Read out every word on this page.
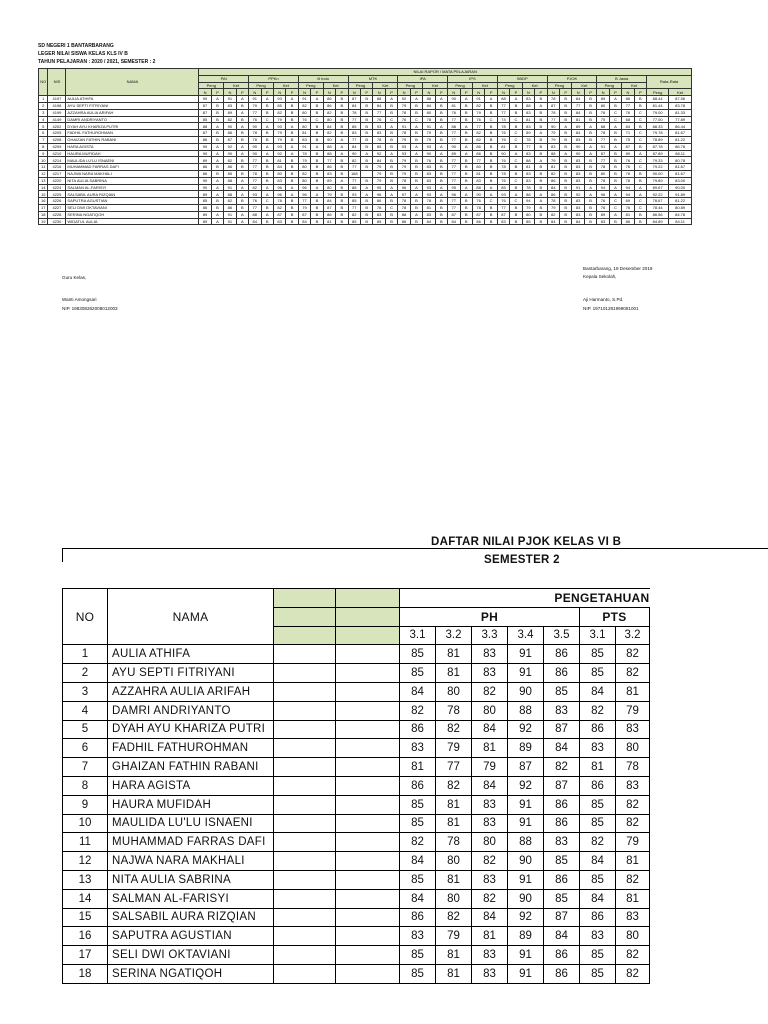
SD NEGERI 1 BANTARBARANG
LEGER NILAI SISWA KELAS KLS IV B
TAHUN PELAJARAN : 2020 / 2021, SEMESTER : 2
NO	NIS	NAMA	NILAI RAPOR / MATA PELAJARAN																																					
			PAI				PPKn				B Indo				MTK				IPA				IPS				SBDP				PJOK				B Jawa				Rata-Rata	
			Peng		Ket		Peng		Ket		Peng		Ket		Peng		Ket		Peng		Ket		Peng		Ket		Peng		Ket		Peng		Ket		Peng		Ket			
			N	P	N	P	N	P	N	P	N	P	N	P	N	P	N	P	N	P	N	P	N	P	N	P	N	P	N	P	N	P	N	P	N	P	N	P	Peng	Ket
1	4197	AULIA ATHIFA	90	A	91	A	91	A	93	A	91	A	86	B	87	B	88	A	92	A	88	A	90	A	91	A	88	A	83	B	78	B	84	B	89	A	86	B	88.44	87.56
2	4198	AYU SEPTI FITRIYANI	87	B	83	B	79	B	85	B	82	B	86	B	84	B	84	B	79	B	84	B	81	B	82	B	77	B	88	A	87	B	77	B	80	B	77	B	81.44	83.78
3	4199	AZZAHRA AULIA ARIFAH	87	B	89	A	77	B	82	B	80	B	82	B	78	B	77	B	78	B	80	B	76	B	79	B	77	B	83	B	78	B	84	B	76	C	76	C	79.00	81.33
4	4149	DAMRI ANDRIYANTO	85	B	82	B	76	C	79	B	76	C	80	B	77	B	76	C	76	C	78	B	77	B	76	C	74	C	81	B	77	B	81	B	75	C	68	C	77.00	77.89
5	4202	DYAH AYU KHARIZA PUTRI	88	A	90	A	90	A	93	A	80	B	84	B	85	B	93	A	91	A	91	A	88	A	77	B	78	B	83	B	90	A	89	A	88	A	84	B	88.33	86.44
6	4205	FADHIL FATHUROHMAN	87	B	86	B	78	B	79	B	81	B	82	B	83	B	83	B	78	B	79	B	77	B	82	B	76	C	89	A	79	B	84	B	78	B	71	C	79.78	81.67
7	4208	GHAIZAN FATHIN RABANI	86	B	87	B	78	B	79	B	83	B	90	A	77	B	78	B	79	B	79	B	77	B	82	B	76	C	78	B	79	B	83	B	77	B	75	C	78.89	81.22
8	4209	HARA AGISTA	90	A	92	A	90	A	93	A	91	A	88	A	84	B	85	B	93	A	93	A	90	A	86	B	81	B	77	B	83	B	90	A	91	A	87	B	87.78	86.78
9	4210	HAURA MUFIDAH	90	A	90	A	90	A	92	A	78	B	88	A	90	A	92	A	93	A	90	A	89	A	86	B	90	A	83	B	88	A	90	A	87	B	89	A	87.89	88.11
10	4214	MAULIDA LU'LU ISNAENI	89	A	82	B	77	B	81	B	79	B	77	B	82	B	84	B	79	B	76	B	77	B	77	B	76	C	88	A	79	B	83	B	77	B	76	C	79.33	80.78
11	4216	MUHAMMAD FARRAS DAFI	86	B	86	B	77	B	84	B	80	B	86	B	77	B	79	B	79	B	83	B	77	B	80	B	78	B	81	B	81	B	83	B	78	B	76	C	79.22	81.67
12	4217	NAJWA NARA MAKHALI	86	B	85	B	78	B	80	B	82	B	83	B	168		79	B	79	B	83	B	77	B	81	B	78	B	83	B	82	B	83	B	80	B	78	B	90.00	81.67
13	4220	NITA AULIA SABRINA	90	A	88	A	77	B	83	B	80	B	89	A	77	B	79	B	78	B	83	B	77	B	83	B	76	C	83	B	86	B	83	B	78	B	78	B	79.89	83.00
14	4224	SALMAN AL-FARISYI	90	A	91	A	82	A	96	A	96	A	80	B	88	A	95	A	96	A	93	A	95	A	88	A	85	B	78	B	84	B	91	A	94	A	94	A	89.67	90.00
15	4225	SALSABIL AURA RIZQIAN	89	A	88	A	93	A	96	A	96	A	79	B	93	A	96	A	97	A	93	A	96	A	90	A	93	A	88	A	86	B	92	A	96	A	94	A	92.22	91.89
16	4226	SAPUTRA AGUSTIAN	85	B	82	B	76	C	78	B	77	B	84	B	85	B	86	B	78	B	78	B	77	B	76	C	76	C	94	A	78	B	83	B	76	C	69	C	78.67	81.22
17	4227	SELI DWI OKTAVIANI	86	B	86	B	77	B	82	B	79	B	87	B	77	B	76	C	78	B	81	B	77	B	78	B	77	B	79	B	79	B	83	B	76	C	76	C	78.44	80.89
18	4228	SERINA NGATIQOH	89	A	91	A	88	A	87	B	87	B	86	B	82	B	83	B	88	A	83	B	87	B	87	B	87	B	80	B	82	B	83	B	89	A	81	B	86.56	84.78
19	4230	WIDATUL AULIA	89	A	91	A	84	B	83	B	84	B	81	B	85	B	85	B	86	B	84	B	84	B	86	B	83	B	85	B	84	B	84	B	83	B	86	B	84.89	84.11
Bantarbarang, 18 Desember 2019
Kepala Sekolah,
Guru Kelas,
Wanti Amongsari
NIP. 198308262008012003
Aji Harmanto, S.Pd.
NIP. 197101281999081001
DAFTAR NILAI PJOK KELAS VI B
SEMESTER 2
NO	NAMA			PENGETAHUAN						
				PH					PTS	
				3.1	3.2	3.3	3.4	3.5	3.1	3.2
1	AULIA ATHIFA			85	81	83	91	86	85	82
2	AYU SEPTI FITRIYANI			85	81	83	91	86	85	82
3	AZZAHRA AULIA ARIFAH			84	80	82	90	85	84	81
4	DAMRI ANDRIYANTO			82	78	80	88	83	82	79
5	DYAH AYU KHARIZA PUTRI			86	82	84	92	87	86	83
6	FADHIL FATHUROHMAN			83	79	81	89	84	83	80
7	GHAIZAN FATHIN RABANI			81	77	79	87	82	81	78
8	HARA AGISTA			86	82	84	92	87	86	83
9	HAURA MUFIDAH			85	81	83	91	86	85	82
10	MAULIDA LU'LU ISNAENI			85	81	83	91	86	85	82
11	MUHAMMAD FARRAS DAFI			82	78	80	88	83	82	79
12	NAJWA NARA MAKHALI			84	80	82	90	85	84	81
13	NITA AULIA SABRINA			85	81	83	91	86	85	82
14	SALMAN AL-FARISYI			84	80	82	90	85	84	81
15	SALSABIL AURA RIZQIAN			86	82	84	92	87	86	83
16	SAPUTRA AGUSTIAN			83	79	81	89	84	83	80
17	SELI DWI OKTAVIANI			85	81	83	91	86	85	82
18	SERINA NGATIQOH			85	81	83	91	86	85	82
